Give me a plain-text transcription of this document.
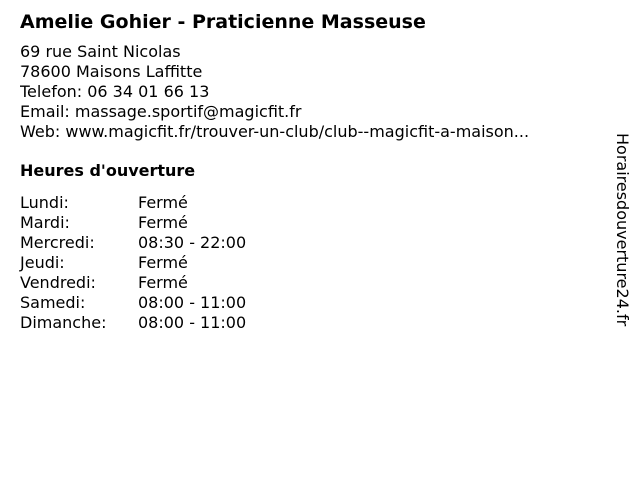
Amelie Gohier - Praticienne Masseuse
69 rue Saint Nicolas
78600 Maisons Laffitte
Telefon: 06 34 01 66 13
Email: massage.sportif@magicfit.fr
Web: www.magicfit.fr/trouver-un-club/club--magicfit-a-maison...
Heures d'ouverture
Lundi:	Fermé
Mardi:	Fermé
Mercredi:	08:30 - 22:00
Jeudi:	Fermé
Vendredi:	Fermé
Samedi:	08:00 - 11:00
Dimanche:	08:00 - 11:00	Horairesdouverture24.fr
